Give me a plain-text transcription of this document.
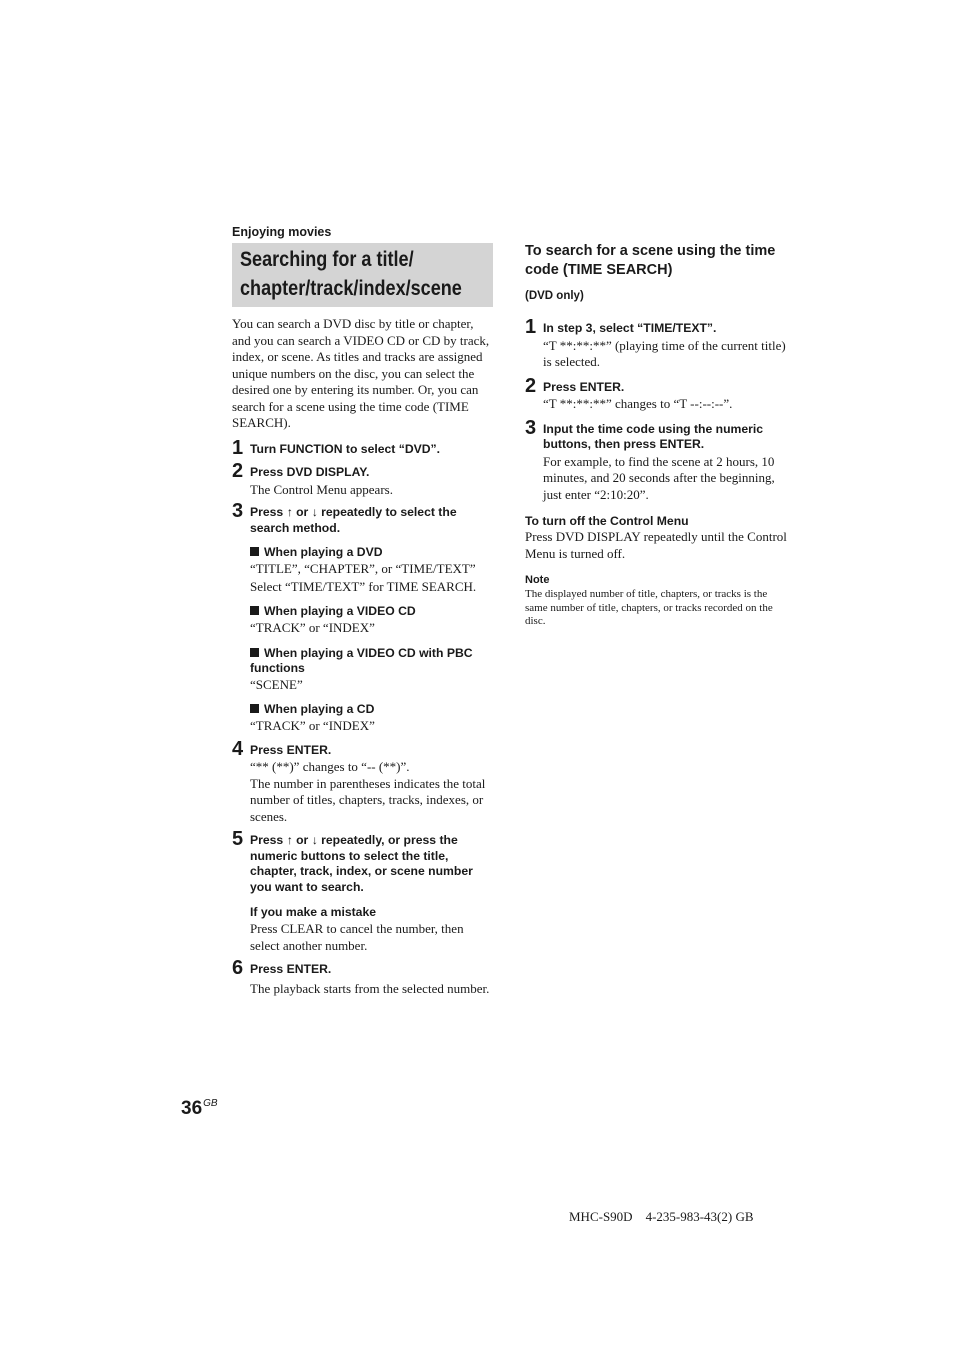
Enjoying movies
Searching for a title/
chapter/track/index/scene

You can search a DVD disc by title or chapter, and you can search a VIDEO CD or CD by track, index, or scene. As titles and tracks are assigned unique numbers on the disc, you can select the desired one by entering its number. Or, you can search for a scene using the time code (TIME SEARCH).

1 Turn FUNCTION to select “DVD”.
2 Press DVD DISPLAY.
The Control Menu appears.
3 Press ↑ or ↓ repeatedly to select the search method.
When playing a DVD
“TITLE”, “CHAPTER”, or “TIME/TEXT”
Select “TIME/TEXT” for TIME SEARCH.
When playing a VIDEO CD
“TRACK” or “INDEX”
When playing a VIDEO CD with PBC functions
“SCENE”
When playing a CD
“TRACK” or “INDEX”
4 Press ENTER.
“** (**)” changes to “-- (**)”.
The number in parentheses indicates the total number of titles, chapters, tracks, indexes, or scenes.
5 Press ↑ or ↓ repeatedly, or press the numeric buttons to select the title, chapter, track, index, or scene number you want to search.
If you make a mistake
Press CLEAR to cancel the number, then select another number.
6 Press ENTER.
The playback starts from the selected number.

To search for a scene using the time code (TIME SEARCH)

(DVD only)
1 In step 3, select “TIME/TEXT”.
“T **:**:**” (playing time of the current title) is selected.
2 Press ENTER.
“T **:**:**” changes to “T --:--:--”.
3 Input the time code using the numeric buttons, then press ENTER.
For example, to find the scene at 2 hours, 10 minutes, and 20 seconds after the beginning, just enter “2:10:20”.
To turn off the Control Menu
Press DVD DISPLAY repeatedly until the Control Menu is turned off.
Note
The displayed number of title, chapters, or tracks is the same number of title, chapters, or tracks recorded on the disc.
$36^{GB}$
MHC-S90D    4-235-983-43(2) GB
